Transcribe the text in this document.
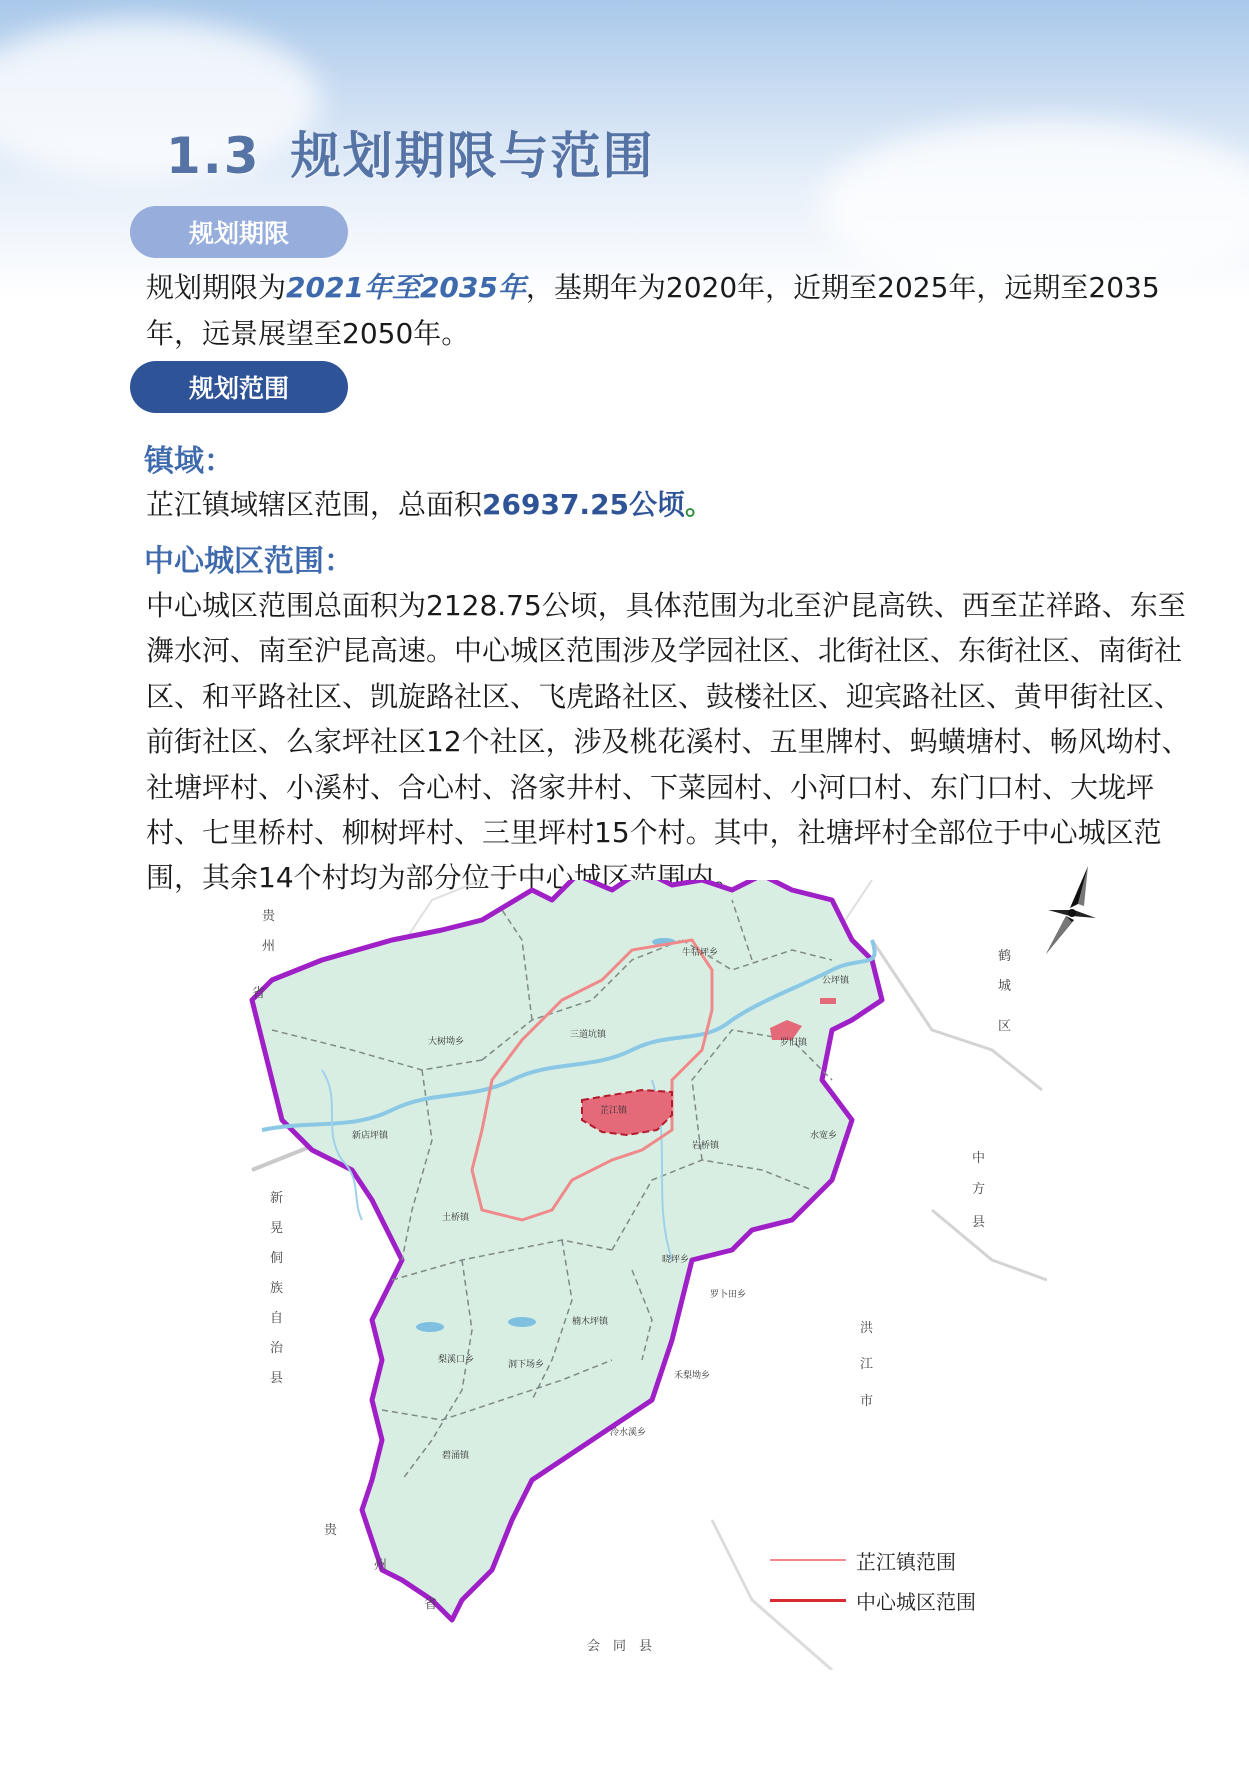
1.3 规划期限与范围
规划期限
规划期限为2021年至2035年，基期年为2020年，近期至2025年，远期至2035年，远景展望至2050年。
规划范围
镇域：
芷江镇域辖区范围，总面积26937.25公顷。
中心城区范围：
中心城区范围总面积为2128.75公顷，具体范围为北至沪昆高铁、西至芷祥路、东至㵲水河、南至沪昆高速。中心城区范围涉及学园社区、北街社区、东街社区、南街社区、和平路社区、凯旋路社区、飞虎路社区、鼓楼社区、迎宾路社区、黄甲街社区、前街社区、么家坪社区12个社区，涉及桃花溪村、五里牌村、蚂蟥塘村、畅风坳村、社塘坪村、小溪村、合心村、洛家井村、下菜园村、小河口村、东门口村、大垅坪村、七里桥村、柳树坪村、三里坪村15个村。其中，社塘坪村全部位于中心城区范围，其余14个村均为部分位于中心城区范围内。
牛牯坪乡
公坪镇
三道坑镇
大树坳乡
芷江镇
罗旧镇
新店坪镇
岩桥镇
水宽乡
土桥镇
晓坪乡
罗卜田乡
梨溪口乡	洞下场乡
楠木坪镇
禾梨坳乡
冷水溪乡
碧涌镇
贵
州
省
新
晃
侗
族
自
治
县
鹤
城
区
中
方
县
洪
江
市
贵
州
省
会　同　县
芷江镇范围
中心城区范围
